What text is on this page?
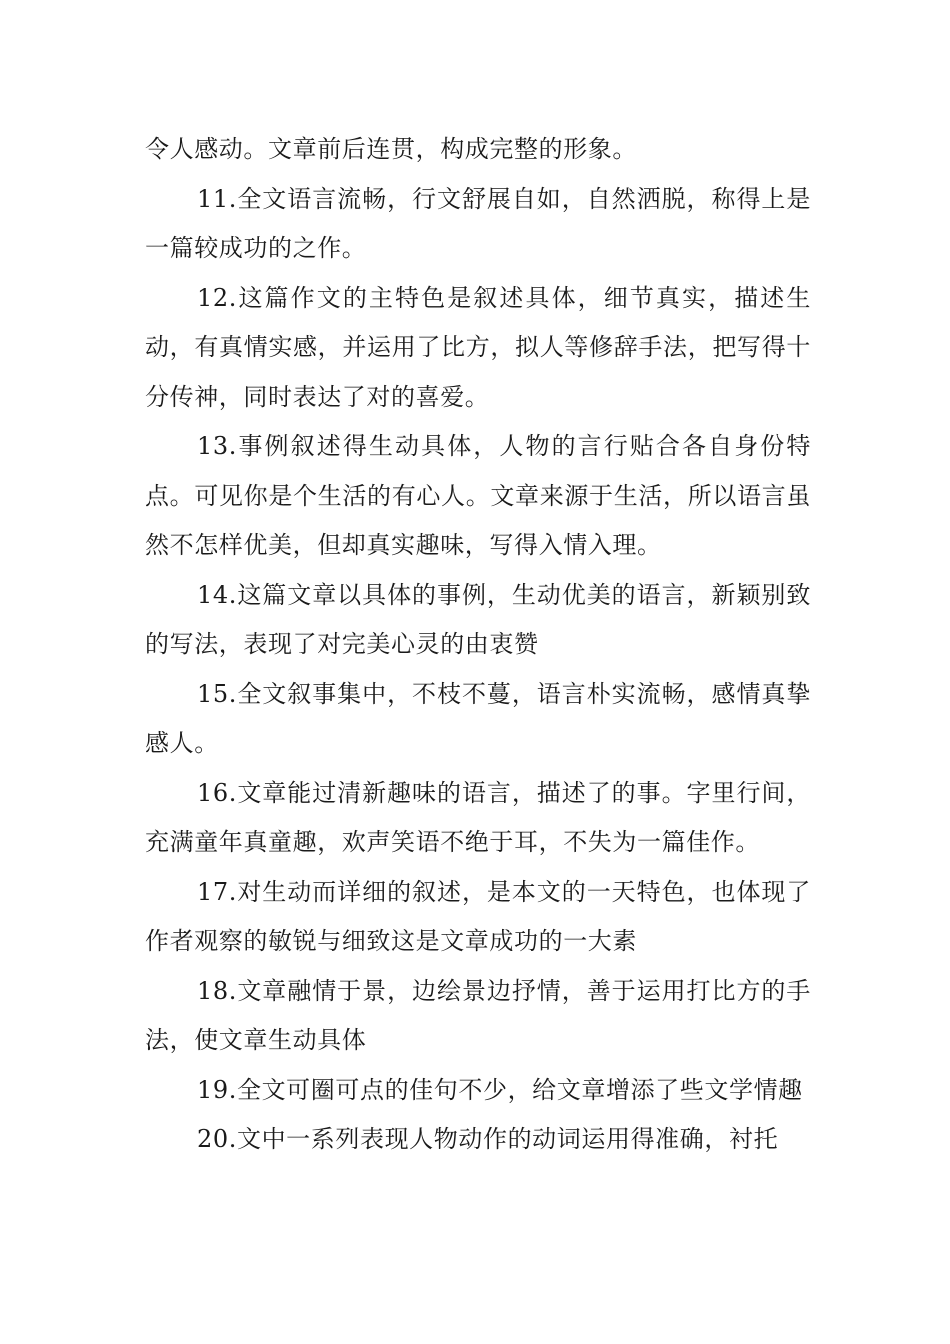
令人感动。文章前后连贯，构成完整的形象。

11.全文语言流畅，行文舒展自如，自然洒脱，称得上是一篇较成功的之作。

12.这篇作文的主特色是叙述具体，细节真实，描述生动，有真情实感，并运用了比方，拟人等修辞手法，把写得十分传神，同时表达了对的喜爱。

13.事例叙述得生动具体，人物的言行贴合各自身份特点。可见你是个生活的有心人。文章来源于生活，所以语言虽然不怎样优美，但却真实趣味，写得入情入理。

14.这篇文章以具体的事例，生动优美的语言，新颖别致的写法，表现了对完美心灵的由衷赞

15.全文叙事集中，不枝不蔓，语言朴实流畅，感情真挚感人。

16.文章能过清新趣味的语言，描述了的事。字里行间，充满童年真童趣，欢声笑语不绝于耳，不失为一篇佳作。

17.对生动而详细的叙述，是本文的一天特色，也体现了作者观察的敏锐与细致这是文章成功的一大素

18.文章融情于景，边绘景边抒情，善于运用打比方的手法，使文章生动具体

19.全文可圈可点的佳句不少，给文章增添了些文学情趣

20.文中一系列表现人物动作的动词运用得准确，衬托
